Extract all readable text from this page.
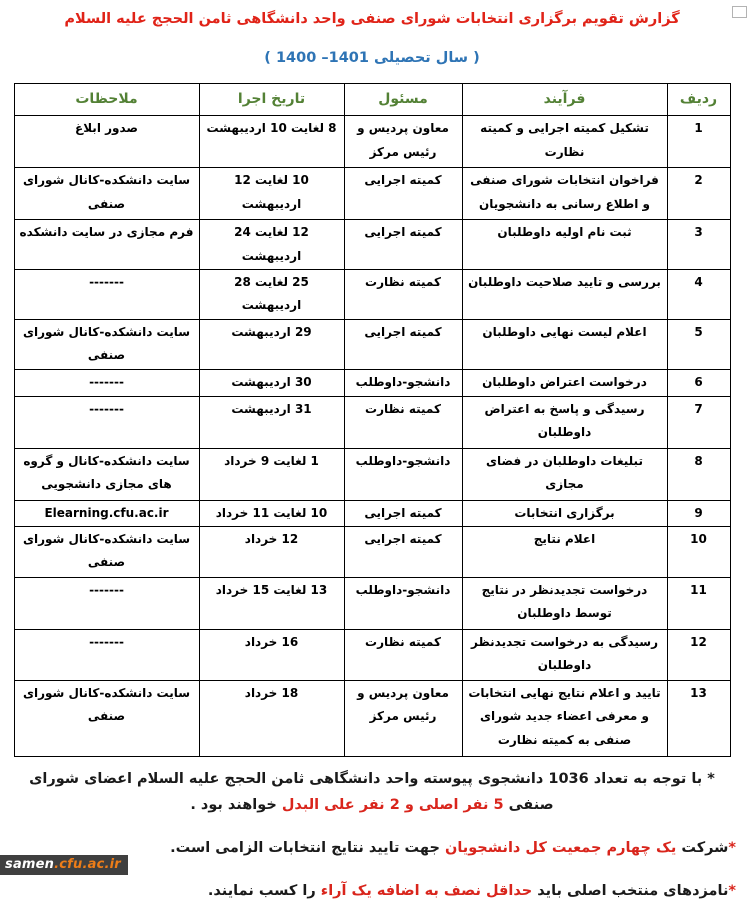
گزارش تقویم برگزاری انتخابات شورای صنفی واحد دانشگاهی ثامن الحجج علیه السلام
( سال تحصیلی 1401– 1400 )
ردیف	فرآیند	مسئول	تاریخ اجرا	ملاحظات
1	تشکیل کمیته اجرایی و کمیته نظارت	معاون پردیس و رئیس مرکز	8 لغایت 10 اردیبهشت	صدور ابلاغ
2	فراخوان انتخابات شورای صنفی و اطلاع رسانی به دانشجویان	کمیته اجرایی	10 لغایت 12 اردیبهشت	سایت دانشکده-کانال شورای صنفی
3	ثبت نام اولیه داوطلبان	کمیته اجرایی	12 لغایت 24 اردیبهشت	فرم مجازی در سایت دانشکده
4	بررسی و تایید صلاحیت داوطلبان	کمیته نظارت	25 لغایت 28 اردیبهشت	-------
5	اعلام لیست نهایی داوطلبان	کمیته اجرایی	29 اردیبهشت	سایت دانشکده-کانال شورای صنفی
6	درخواست اعتراض داوطلبان	دانشجو-داوطلب	30 اردیبهشت	-------
7	رسیدگی و پاسخ به اعتراض داوطلبان	کمیته نظارت	31 اردیبهشت	-------
8	تبلیغات داوطلبان در فضای مجازی	دانشجو-داوطلب	1 لغایت 9 خرداد	سایت دانشکده-کانال و گروه های مجازی دانشجویی
9	برگزاری انتخابات	کمیته اجرایی	10 لغایت 11 خرداد	Elearning.cfu.ac.ir
10	اعلام نتایج	کمیته اجرایی	12 خرداد	سایت دانشکده-کانال شورای صنفی
11	درخواست تجدیدنظر در نتایج توسط داوطلبان	دانشجو-داوطلب	13 لغایت 15 خرداد	-------
12	رسیدگی به درخواست تجدیدنظر داوطلبان	کمیته نظارت	16 خرداد	-------
13	تایید و اعلام نتایج نهایی انتخابات و معرفی اعضاء جدید شورای صنفی به کمیته نظارت	معاون پردیس و رئیس مرکز	18 خرداد	سایت دانشکده-کانال شورای صنفی

* با توجه به تعداد 1036 دانشجوی پیوسته واحد دانشگاهی ثامن الحجج علیه السلام اعضای شورای صنفی 5 نفر اصلی و 2 نفر علی البدل خواهند بود .

*شرکت یک چهارم جمعیت کل دانشجویان جهت تایید نتایج انتخابات الزامی است.

*نامزدهای منتخب اصلی باید حداقل نصف به اضافه یک آراء را کسب نمایند.

samen.cfu.ac.ir
